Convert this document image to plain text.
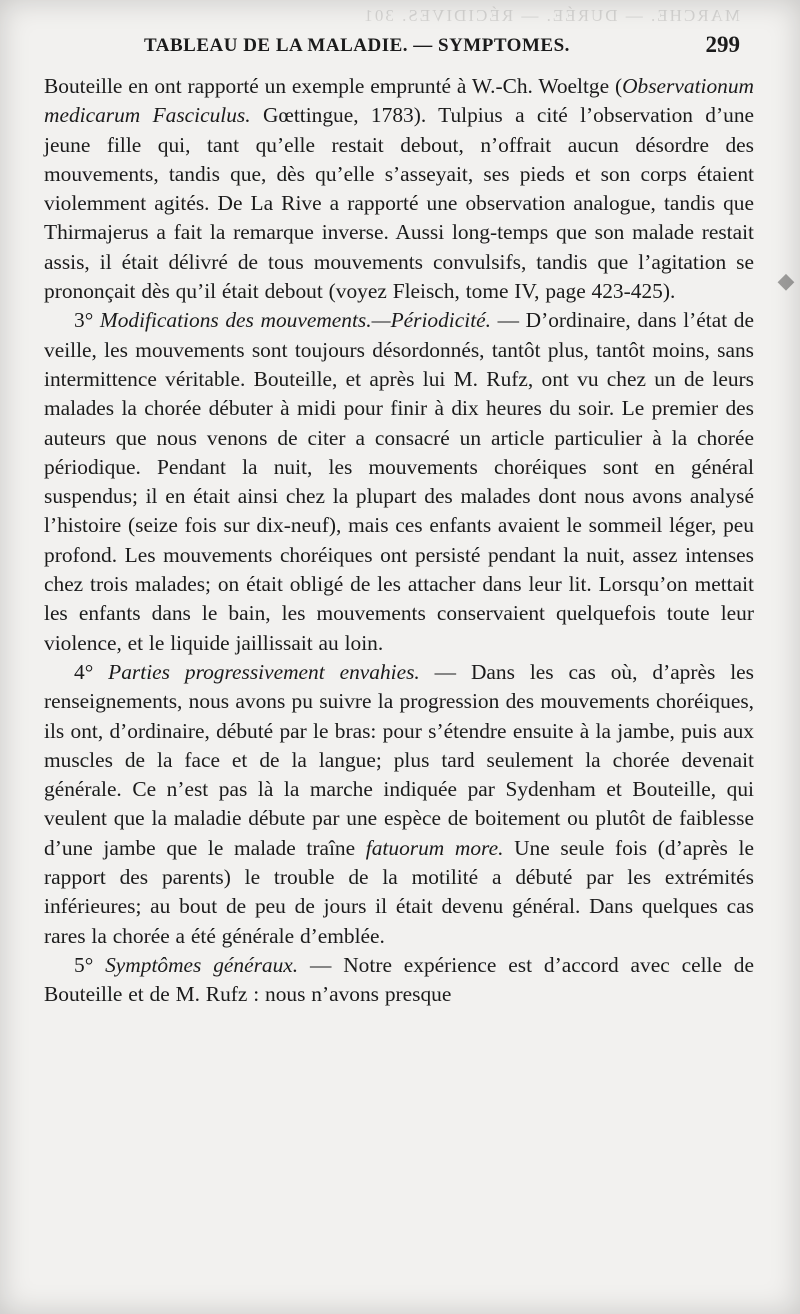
MARCHE. — DURÉE. — RÉCIDIVES. 301
TABLEAU DE LA MALADIE. — SYMPTOMES.	299

Bouteille en ont rapporté un exemple emprunté à W.-Ch. Woeltge (Observationum medicarum Fasciculus. Gœttingue, 1783). Tulpius a cité l’observation d’une jeune fille qui, tant qu’elle restait debout, n’offrait aucun désordre des mouvements, tandis que, dès qu’elle s’asseyait, ses pieds et son corps étaient violemment agités. De La Rive a rapporté une observation analogue, tandis que Thirmajerus a fait la remarque inverse. Aussi long-temps que son malade restait assis, il était délivré de tous mouvements convulsifs, tandis que l’agitation se prononçait dès qu’il était debout (voyez Fleisch, tome IV, page 423-425).

3° Modifications des mouvements.—Périodicité. — D’ordinaire, dans l’état de veille, les mouvements sont toujours désordonnés, tantôt plus, tantôt moins, sans intermittence véritable. Bouteille, et après lui M. Rufz, ont vu chez un de leurs malades la chorée débuter à midi pour finir à dix heures du soir. Le premier des auteurs que nous venons de citer a consacré un article particulier à la chorée périodique. Pendant la nuit, les mouvements choréiques sont en général suspendus; il en était ainsi chez la plupart des malades dont nous avons analysé l’histoire (seize fois sur dix-neuf), mais ces enfants avaient le sommeil léger, peu profond. Les mouvements choréiques ont persisté pendant la nuit, assez intenses chez trois malades; on était obligé de les attacher dans leur lit. Lorsqu’on mettait les enfants dans le bain, les mouvements conservaient quelquefois toute leur violence, et le liquide jaillissait au loin.

4° Parties progressivement envahies. — Dans les cas où, d’après les renseignements, nous avons pu suivre la progression des mouvements choréiques, ils ont, d’ordinaire, débuté par le bras: pour s’étendre ensuite à la jambe, puis aux muscles de la face et de la langue; plus tard seulement la chorée devenait générale. Ce n’est pas là la marche indiquée par Sydenham et Bouteille, qui veulent que la maladie débute par une espèce de boitement ou plutôt de faiblesse d’une jambe que le malade traîne fatuorum more. Une seule fois (d’après le rapport des parents) le trouble de la motilité a débuté par les extrémités inférieures; au bout de peu de jours il était devenu général. Dans quelques cas rares la chorée a été générale d’emblée.

5° Symptômes généraux. — Notre expérience est d’accord avec celle de Bouteille et de M. Rufz : nous n’avons presque

◆
